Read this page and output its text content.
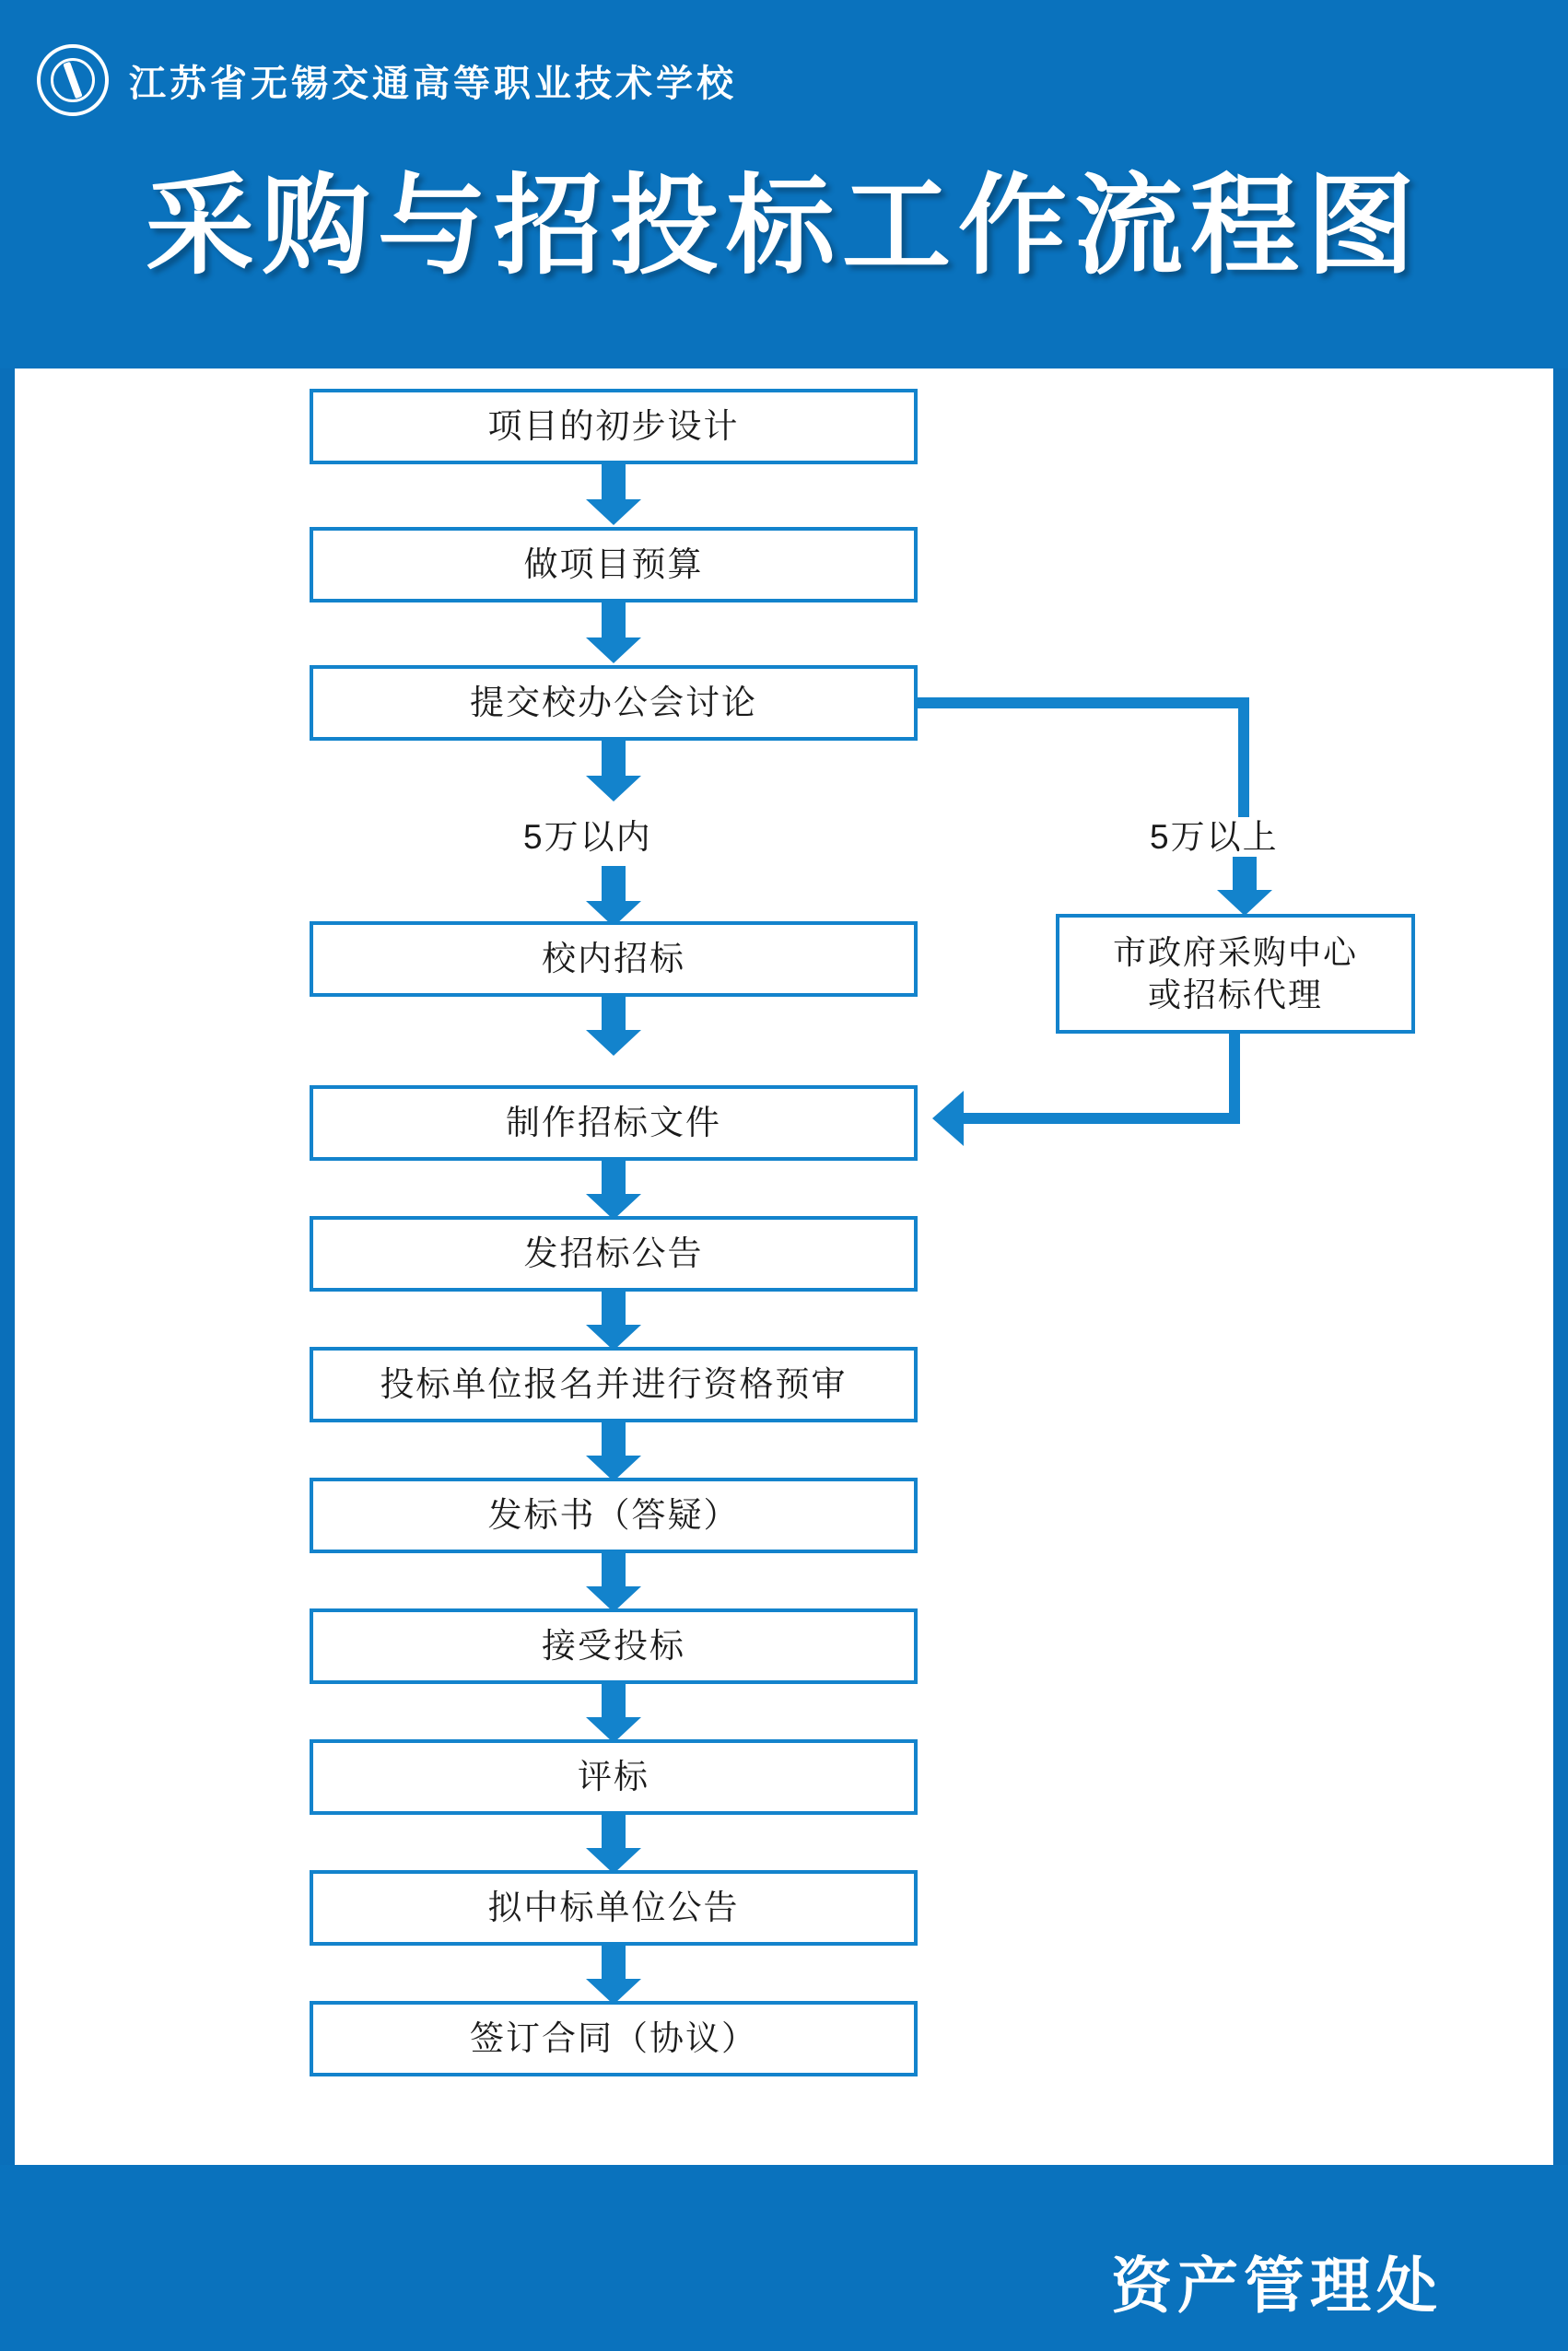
江苏省无锡交通高等职业技术学校
采购与招投标工作流程图
项目的初步设计
做项目预算
提交校办公会讨论
5万以内	5万以上
校内招标	市政府采购中心
或招标代理
制作招标文件
发招标公告
投标单位报名并进行资格预审
发标书（答疑）
接受投标
评标
拟中标单位公告
签订合同（协议）
资产管理处
